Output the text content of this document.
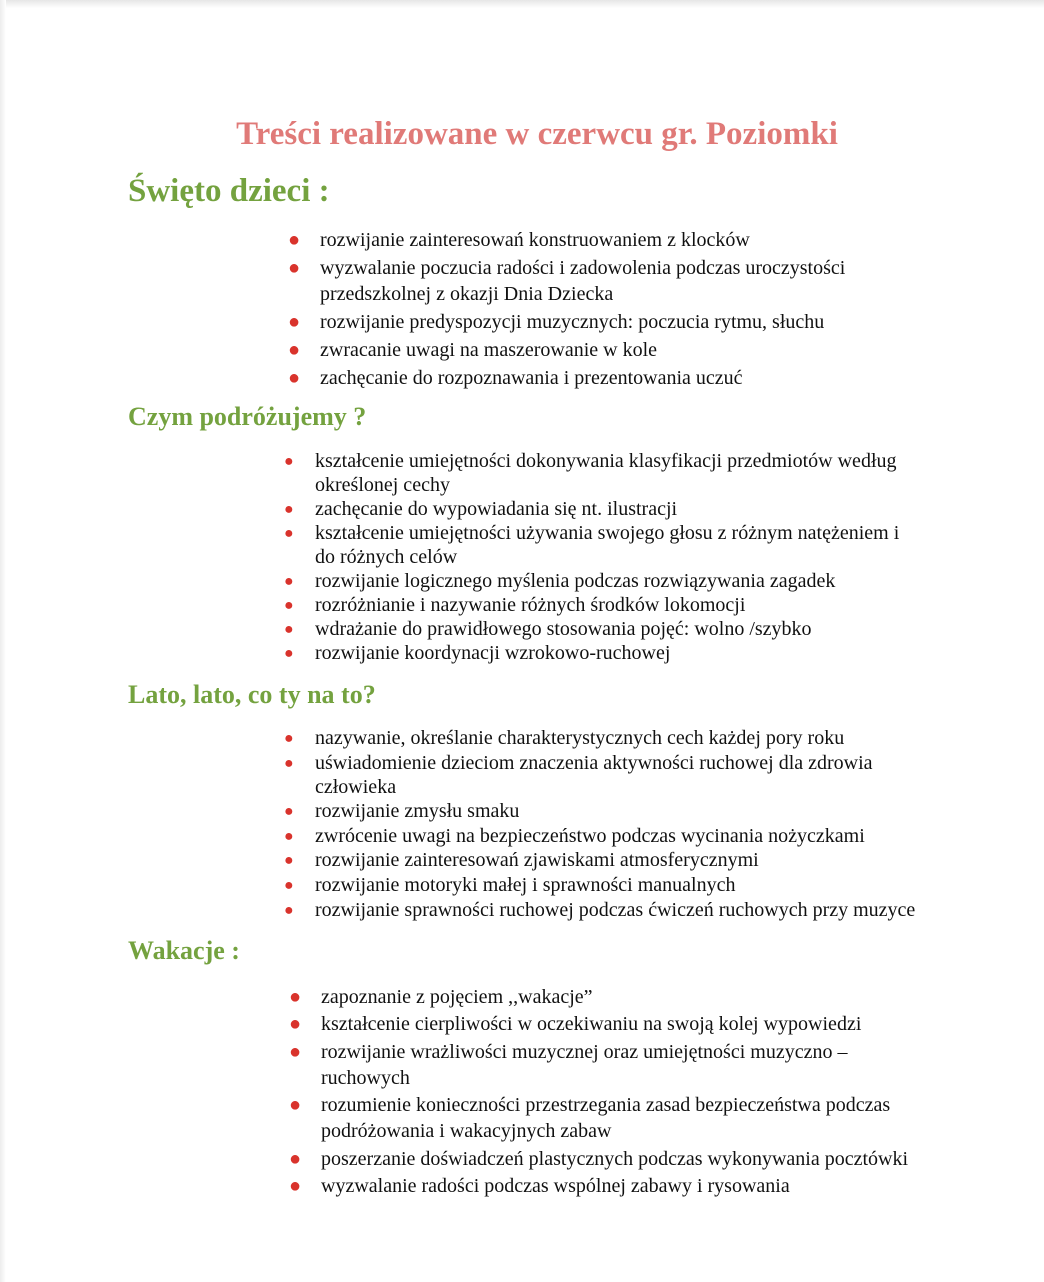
Treści realizowane w czerwcu gr. Poziomki
Święto dzieci :
● rozwijanie zainteresowań konstruowaniem z klocków
● wyzwalanie poczucia radości i zadowolenia podczas uroczystości
przedszkolnej z okazji Dnia Dziecka
● rozwijanie predyspozycji muzycznych: poczucia rytmu, słuchu
● zwracanie uwagi na maszerowanie w kole
● zachęcanie do rozpoznawania i prezentowania uczuć
Czym podróżujemy ?
● kształcenie umiejętności dokonywania klasyfikacji przedmiotów według
określonej cechy
● zachęcanie do wypowiadania się nt. ilustracji
● kształcenie umiejętności używania swojego głosu z różnym natężeniem i
do różnych celów
● rozwijanie logicznego myślenia podczas rozwiązywania zagadek
● rozróżnianie i nazywanie różnych środków lokomocji
● wdrażanie do prawidłowego stosowania pojęć: wolno /szybko
● rozwijanie koordynacji wzrokowo-ruchowej
Lato, lato, co ty na to?
● nazywanie, określanie charakterystycznych cech każdej pory roku
● uświadomienie dzieciom znaczenia aktywności ruchowej dla zdrowia
człowieka
● rozwijanie zmysłu smaku
● zwrócenie uwagi na bezpieczeństwo podczas wycinania nożyczkami
● rozwijanie zainteresowań zjawiskami atmosferycznymi
● rozwijanie motoryki małej i sprawności manualnych
● rozwijanie sprawności ruchowej podczas ćwiczeń ruchowych przy muzyce
Wakacje :
● zapoznanie z pojęciem ,,wakacje”
● kształcenie cierpliwości w oczekiwaniu na swoją kolej wypowiedzi
● rozwijanie wrażliwości muzycznej oraz umiejętności muzyczno –
ruchowych
● rozumienie konieczności przestrzegania zasad bezpieczeństwa podczas
podróżowania i wakacyjnych zabaw
● poszerzanie doświadczeń plastycznych podczas wykonywania pocztówki
● wyzwalanie radości podczas wspólnej zabawy i rysowania
